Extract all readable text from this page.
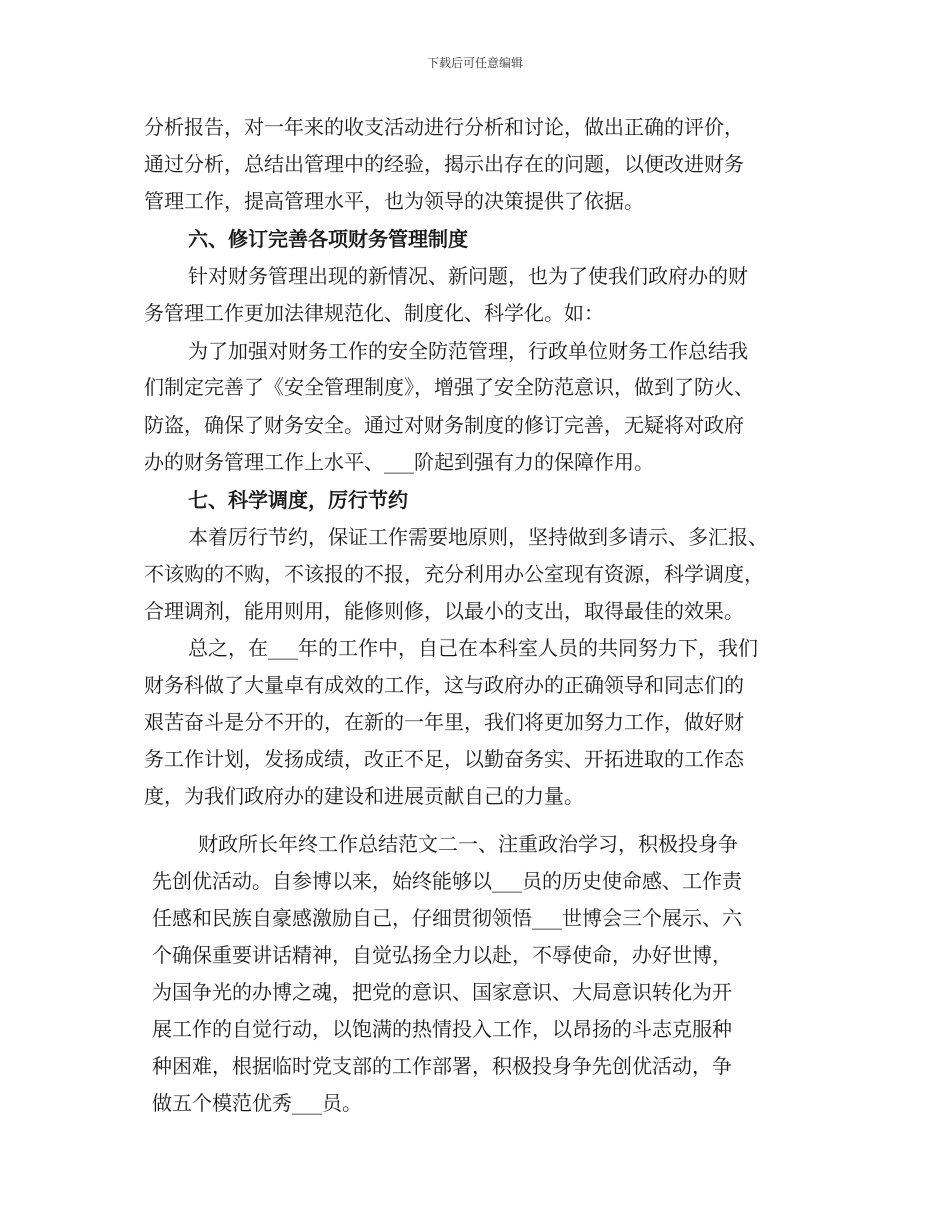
下载后可任意编辑
分析报告，对一年来的收支活动进行分析和讨论，做出正确的评价，
通过分析，总结出管理中的经验，揭示出存在的问题，以便改进财务
管理工作，提高管理水平，也为领导的决策提供了依据。
六、修订完善各项财务管理制度
针对财务管理出现的新情况、新问题，也为了使我们政府办的财
务管理工作更加法律规范化、制度化、科学化。如：
为了加强对财务工作的安全防范管理，行政单位财务工作总结我
们制定完善了《安全管理制度》，增强了安全防范意识，做到了防火、
防盗，确保了财务安全。通过对财务制度的修订完善，无疑将对政府
办的财务管理工作上水平、___阶起到强有力的保障作用。
七、科学调度，厉行节约
本着厉行节约，保证工作需要地原则，坚持做到多请示、多汇报、
不该购的不购，不该报的不报，充分利用办公室现有资源，科学调度，
合理调剂，能用则用，能修则修，以最小的支出，取得最佳的效果。
总之，在___年的工作中，自己在本科室人员的共同努力下，我们
财务科做了大量卓有成效的工作，这与政府办的正确领导和同志们的
艰苦奋斗是分不开的，在新的一年里，我们将更加努力工作，做好财
务工作计划，发扬成绩，改正不足，以勤奋务实、开拓进取的工作态
度，为我们政府办的建设和进展贡献自己的力量。
财政所长年终工作总结范文二一、注重政治学习，积极投身争
先创优活动。自参博以来，始终能够以___员的历史使命感、工作责
任感和民族自豪感激励自己，仔细贯彻领悟___世博会三个展示、六
个确保重要讲话精神，自觉弘扬全力以赴，不辱使命，办好世博，
为国争光的办博之魂，把党的意识、国家意识、大局意识转化为开
展工作的自觉行动，以饱满的热情投入工作，以昂扬的斗志克服种
种困难，根据临时党支部的工作部署，积极投身争先创优活动，争
做五个模范优秀___员。
